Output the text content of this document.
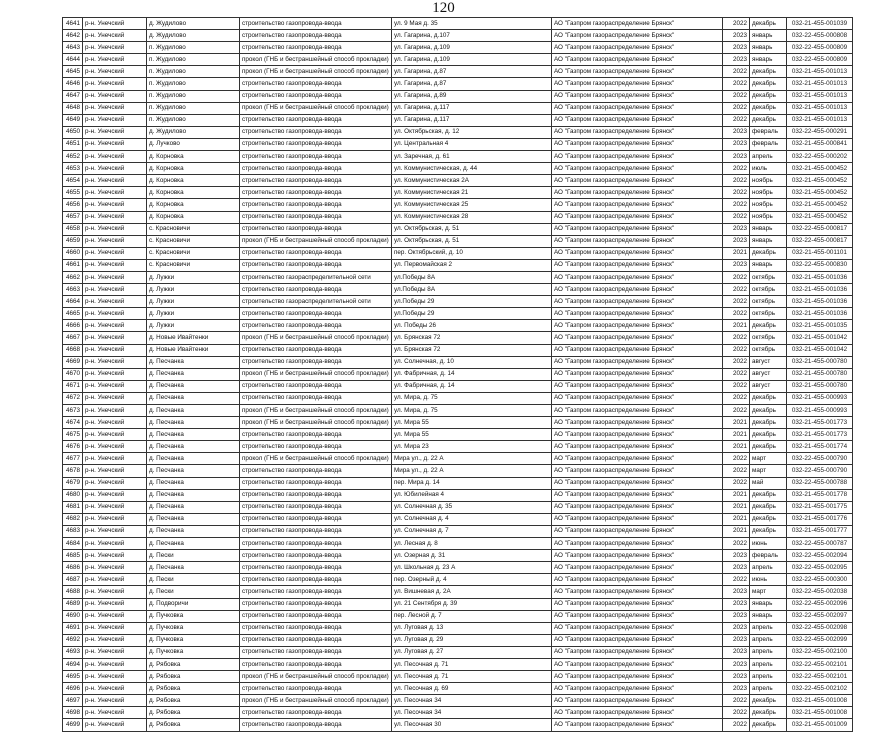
120
4641	р-н. Унечский	д. Жудилово	строительство газопровода-ввода	ул. 9 Мая д. 35	АО "Газпром газораспределение Брянск"	2022	декабрь	032-21-455-001039
4642	р-н. Унечский	д. Жудилово	строительство газопровода-ввода	ул. Гагарина, д.107	АО "Газпром газораспределение Брянск"	2023	январь	032-22-455-000808
4643	р-н. Унечский	п. Жудилово	строительство газопровода-ввода	ул. Гагарина, д.109	АО "Газпром газораспределение Брянск"	2023	январь	032-22-455-000809
4644	р-н. Унечский	п. Жудилово	прокол (ГНБ и бестраншейный способ прокладки)	ул. Гагарина, д.109	АО "Газпром газораспределение Брянск"	2023	январь	032-22-455-000809
4645	р-н. Унечский	п. Жудилово	прокол (ГНБ и бестраншейный способ прокладки)	ул. Гагарина, д.87	АО "Газпром газораспределение Брянск"	2022	декабрь	032-21-455-001013
4646	р-н. Унечский	п. Жудилово	строительство газопровода-ввода	ул. Гагарина, д.87	АО "Газпром газораспределение Брянск"	2022	декабрь	032-21-455-001013
4647	р-н. Унечский	п. Жудилово	строительство газопровода-ввода	ул. Гагарина, д.89	АО "Газпром газораспределение Брянск"	2022	декабрь	032-21-455-001013
4648	р-н. Унечский	п. Жудилово	прокол (ГНБ и бестраншейный способ прокладки)	ул. Гагарина, д.117	АО "Газпром газораспределение Брянск"	2022	декабрь	032-21-455-001013
4649	р-н. Унечский	п. Жудилово	строительство газопровода-ввода	ул. Гагарина, д.117	АО "Газпром газораспределение Брянск"	2022	декабрь	032-21-455-001013
4650	р-н. Унечский	д. Жудилово	строительство газопровода-ввода	ул. Октябрьская, д. 12	АО "Газпром газораспределение Брянск"	2023	февраль	032-22-455-000291
4651	р-н. Унечский	д. Лучково	строительство газопровода-ввода	ул. Центральная 4	АО "Газпром газораспределение Брянск"	2023	февраль	032-21-455-000841
4652	р-н. Унечский	д. Корновка	строительство газопровода-ввода	ул. Заречная, д. 61	АО "Газпром газораспределение Брянск"	2023	апрель	032-22-455-000202
4653	р-н. Унечский	д. Корновка	строительство газопровода-ввода	ул. Коммунистическая, д. 44	АО "Газпром газораспределение Брянск"	2022	июль	032-21-455-000452
4654	р-н. Унечский	д. Корновка	строительство газопровода-ввода	ул. Коммунистическая 2А	АО "Газпром газораспределение Брянск"	2022	ноябрь	032-21-455-000452
4655	р-н. Унечский	д. Корновка	строительство газопровода-ввода	ул. Коммунистическая 21	АО "Газпром газораспределение Брянск"	2022	ноябрь	032-21-455-000452
4656	р-н. Унечский	д. Корновка	строительство газопровода-ввода	ул. Коммунистическая 25	АО "Газпром газораспределение Брянск"	2022	ноябрь	032-21-455-000452
4657	р-н. Унечский	д. Корновка	строительство газопровода-ввода	ул. Коммунистическая 28	АО "Газпром газораспределение Брянск"	2022	ноябрь	032-21-455-000452
4658	р-н. Унечский	с. Красновичи	строительство газопровода-ввода	ул. Октябрьская, д. 51	АО "Газпром газораспределение Брянск"	2023	январь	032-22-455-000817
4659	р-н. Унечский	с. Красновичи	прокол (ГНБ и бестраншейный способ прокладки)	ул. Октябрьская, д. 51	АО "Газпром газораспределение Брянск"	2023	январь	032-22-455-000817
4660	р-н. Унечский	с. Красновичи	строительство газопровода-ввода	пер. Октябрьский, д. 10	АО "Газпром газораспределение Брянск"	2021	декабрь	032-21-455-001101
4661	р-н. Унечский	с. Красновичи	строительство газопровода-ввода	ул. Первомайская 2	АО "Газпром газораспределение Брянск"	2023	январь	032-22-455-000830
4662	р-н. Унечский	д. Лужки	строительство газораспределительной сети	ул.Победы 8А	АО "Газпром газораспределение Брянск"	2022	октябрь	032-21-455-001036
4663	р-н. Унечский	д. Лужки	строительство газопровода-ввода	ул.Победы 8А	АО "Газпром газораспределение Брянск"	2022	октябрь	032-21-455-001036
4664	р-н. Унечский	д. Лужки	строительство газораспределительной сети	ул.Победы 29	АО "Газпром газораспределение Брянск"	2022	октябрь	032-21-455-001036
4665	р-н. Унечский	д. Лужки	строительство газопровода-ввода	ул.Победы 29	АО "Газпром газораспределение Брянск"	2022	октябрь	032-21-455-001036
4666	р-н. Унечский	д. Лужки	строительство газопровода-ввода	ул. Победы 26	АО "Газпром газораспределение Брянск"	2021	декабрь	032-21-455-001035
4667	р-н. Унечский	д. Новые Ивайтенки	прокол (ГНБ и бестраншейный способ прокладки)	ул. Брянская 72	АО "Газпром газораспределение Брянск"	2022	октябрь	032-21-455-001042
4668	р-н. Унечский	д. Новые Ивайтенки	строительство газопровода-ввода	ул. Брянская 72	АО "Газпром газораспределение Брянск"	2022	октябрь	032-21-455-001042
4669	р-н. Унечский	д. Песчанка	строительство газопровода-ввода	ул. Солнечная, д. 10	АО "Газпром газораспределение Брянск"	2022	август	032-21-455-000780
4670	р-н. Унечский	д. Песчанка	прокол (ГНБ и бестраншейный способ прокладки)	ул. Фабричная, д. 14	АО "Газпром газораспределение Брянск"	2022	август	032-21-455-000780
4671	р-н. Унечский	д. Песчанка	строительство газопровода-ввода	ул. Фабричная, д. 14	АО "Газпром газораспределение Брянск"	2022	август	032-21-455-000780
4672	р-н. Унечский	д. Песчанка	строительство газопровода-ввода	ул. Мира, д. 75	АО "Газпром газораспределение Брянск"	2022	декабрь	032-21-455-000993
4673	р-н. Унечский	д. Песчанка	прокол (ГНБ и бестраншейный способ прокладки)	ул. Мира, д. 75	АО "Газпром газораспределение Брянск"	2022	декабрь	032-21-455-000993
4674	р-н. Унечский	д. Песчанка	прокол (ГНБ и бестраншейный способ прокладки)	ул. Мира 55	АО "Газпром газораспределение Брянск"	2021	декабрь	032-21-455-001773
4675	р-н. Унечский	д. Песчанка	строительство газопровода-ввода	ул. Мира 55	АО "Газпром газораспределение Брянск"	2021	декабрь	032-21-455-001773
4676	р-н. Унечский	д. Песчанка	строительство газопровода-ввода	ул. Мира 23	АО "Газпром газораспределение Брянск"	2021	декабрь	032-21-455-001774
4677	р-н. Унечский	д. Песчанка	прокол (ГНБ и бестраншейный способ прокладки)	Мира ул., д. 22 А	АО "Газпром газораспределение Брянск"	2022	март	032-22-455-000790
4678	р-н. Унечский	д. Песчанка	строительство газопровода-ввода	Мира ул., д. 22 А	АО "Газпром газораспределение Брянск"	2022	март	032-22-455-000790
4679	р-н. Унечский	д. Песчанка	строительство газопровода-ввода	пер. Мира д. 14	АО "Газпром газораспределение Брянск"	2022	май	032-22-455-000788
4680	р-н. Унечский	д. Песчанка	строительство газопровода-ввода	ул. Юбилейная 4	АО "Газпром газораспределение Брянск"	2021	декабрь	032-21-455-001778
4681	р-н. Унечский	д. Песчанка	строительство газопровода-ввода	ул. Солнечная д. 35	АО "Газпром газораспределение Брянск"	2021	декабрь	032-21-455-001775
4682	р-н. Унечский	д. Песчанка	строительство газопровода-ввода	ул. Солнечная д. 4	АО "Газпром газораспределение Брянск"	2021	декабрь	032-21-455-001776
4683	р-н. Унечский	д. Песчанка	строительство газопровода-ввода	ул. Солнечная д. 7	АО "Газпром газораспределение Брянск"	2021	декабрь	032-21-455-001777
4684	р-н. Унечский	д. Песчанка	строительство газопровода-ввода	ул. Лесная д. 8	АО "Газпром газораспределение Брянск"	2022	июнь	032-22-455-000787
4685	р-н. Унечский	д. Пески	строительство газопровода-ввода	ул. Озерная д. 31	АО "Газпром газораспределение Брянск"	2023	февраль	032-22-455-002094
4686	р-н. Унечский	д. Песчанка	строительство газопровода-ввода	ул. Школьная д. 23 А	АО "Газпром газораспределение Брянск"	2023	апрель	032-22-455-002095
4687	р-н. Унечский	д. Пески	строительство газопровода-ввода	пер. Озерный д. 4	АО "Газпром газораспределение Брянск"	2022	июнь	032-22-455-000300
4688	р-н. Унечский	д. Пески	строительство газопровода-ввода	ул. Вишневая д. 2А	АО "Газпром газораспределение Брянск"	2023	март	032-22-455-002038
4689	р-н. Унечский	д. Подворичи	строительство газопровода-ввода	ул. 21 Сентября д. 39	АО "Газпром газораспределение Брянск"	2023	январь	032-22-455-002096
4690	р-н. Унечский	д. Пучковка	строительство газопровода-ввода	пер. Лесной д. 7	АО "Газпром газораспределение Брянск"	2023	январь	032-22-455-002097
4691	р-н. Унечский	д. Пучковка	строительство газопровода-ввода	ул. Луговая д. 13	АО "Газпром газораспределение Брянск"	2023	апрель	032-22-455-002098
4692	р-н. Унечский	д. Пучковка	строительство газопровода-ввода	ул. Луговая д. 29	АО "Газпром газораспределение Брянск"	2023	апрель	032-22-455-002099
4693	р-н. Унечский	д. Пучковка	строительство газопровода-ввода	ул. Луговая д. 27	АО "Газпром газораспределение Брянск"	2023	апрель	032-22-455-002100
4694	р-н. Унечский	д. Рябовка	строительство газопровода-ввода	ул. Песочная д. 71	АО "Газпром газораспределение Брянск"	2023	апрель	032-22-455-002101
4695	р-н. Унечский	д. Рябовка	прокол (ГНБ и бестраншейный способ прокладки)	ул. Песочная д. 71	АО "Газпром газораспределение Брянск"	2023	апрель	032-22-455-002101
4696	р-н. Унечский	д. Рябовка	строительство газопровода-ввода	ул. Песочная д. 69	АО "Газпром газораспределение Брянск"	2023	апрель	032-22-455-002102
4697	р-н. Унечский	д. Рябовка	прокол (ГНБ и бестраншейный способ прокладки)	ул. Песочная 34	АО "Газпром газораспределение Брянск"	2022	декабрь	032-21-455-001008
4698	р-н. Унечский	д. Рябовка	строительство газопровода-ввода	ул. Песочная 34	АО "Газпром газораспределение Брянск"	2022	декабрь	032-21-455-001008
4699	р-н. Унечский	д. Рябовка	строительство газопровода-ввода	ул. Песочная 30	АО "Газпром газораспределение Брянск"	2022	декабрь	032-21-455-001009
